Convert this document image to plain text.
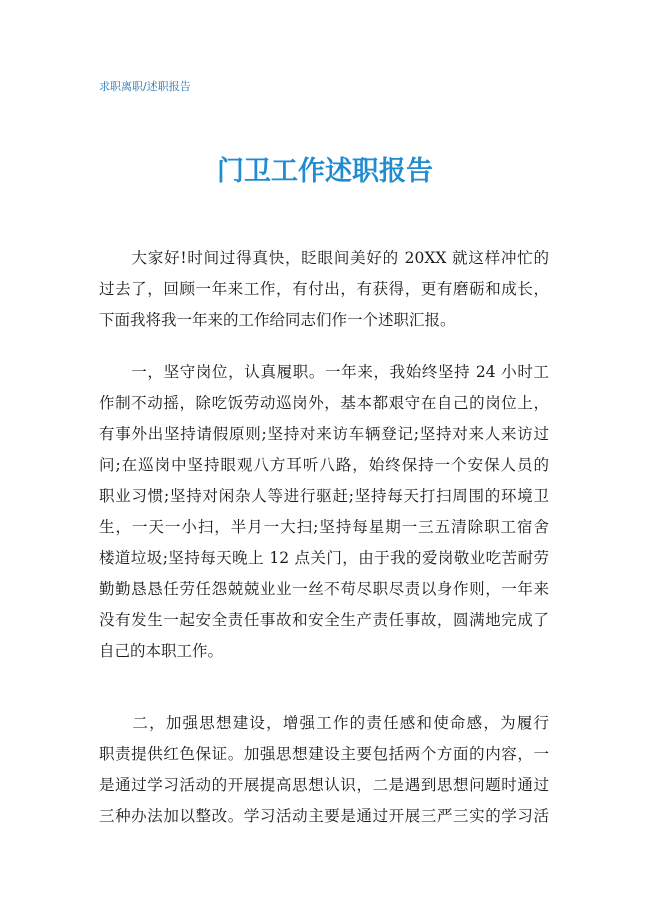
求职离职/述职报告
门卫工作述职报告
　　大家好!时间过得真快，眨眼间美好的 20XX 就这样冲忙的
过去了，回顾一年来工作，有付出，有获得，更有磨砺和成长，
下面我将我一年来的工作给同志们作一个述职汇报。
　　一，坚守岗位，认真履职。一年来，我始终坚持 24 小时工
作制不动摇，除吃饭劳动巡岗外，基本都艰守在自己的岗位上，
有事外出坚持请假原则;坚持对来访车辆登记;坚持对来人来访过
问;在巡岗中坚持眼观八方耳听八路，始终保持一个安保人员的
职业习惯;坚持对闲杂人等进行驱赶;坚持每天打扫周围的环境卫
生，一天一小扫，半月一大扫;坚持每星期一三五清除职工宿舍
楼道垃圾;坚持每天晚上 12 点关门，由于我的爱岗敬业吃苦耐劳
勤勤恳恳任劳任怨兢兢业业一丝不苟尽职尽责以身作则，一年来
没有发生一起安全责任事故和安全生产责任事故，圆满地完成了
自己的本职工作。
　　二，加强思想建设，增强工作的责任感和使命感，为履行
职责提供红色保证。加强思想建设主要包括两个方面的内容，一
是通过学习活动的开展提高思想认识，二是遇到思想问题时通过
三种办法加以整改。学习活动主要是通过开展三严三实的学习活
